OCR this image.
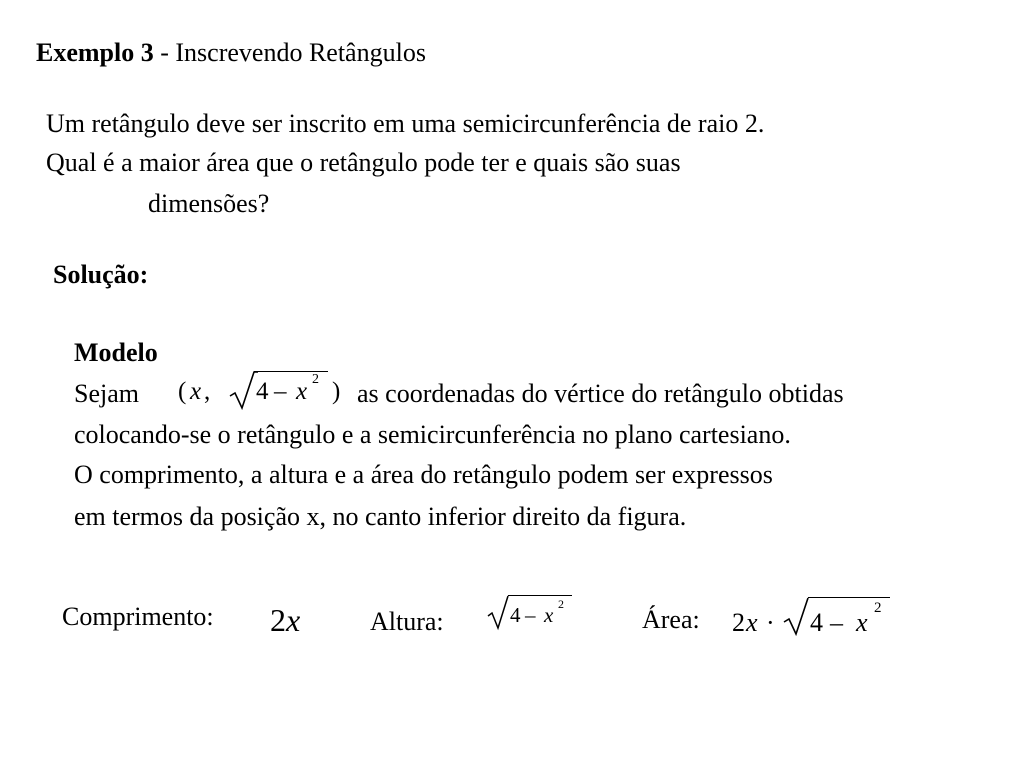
Exemplo 3 - Inscrevendo Retângulos
Um retângulo deve ser inscrito em uma semicircunferência de raio 2.
Qual é a maior área que o retângulo pode ter e quais são suas
dimensões?
Solução:
Modelo
Sejam ( x , 4 – x 2 ) as coordenadas do vértice do retângulo obtidas
colocando-se o retângulo e a semicircunferência no plano cartesiano.
O comprimento, a altura e a área do retângulo podem ser expressos
em termos da posição x, no canto inferior direito da figura.
Comprimento: 2x	Altura:	4 – x 2
Área: 2 x · 4 – x 2
